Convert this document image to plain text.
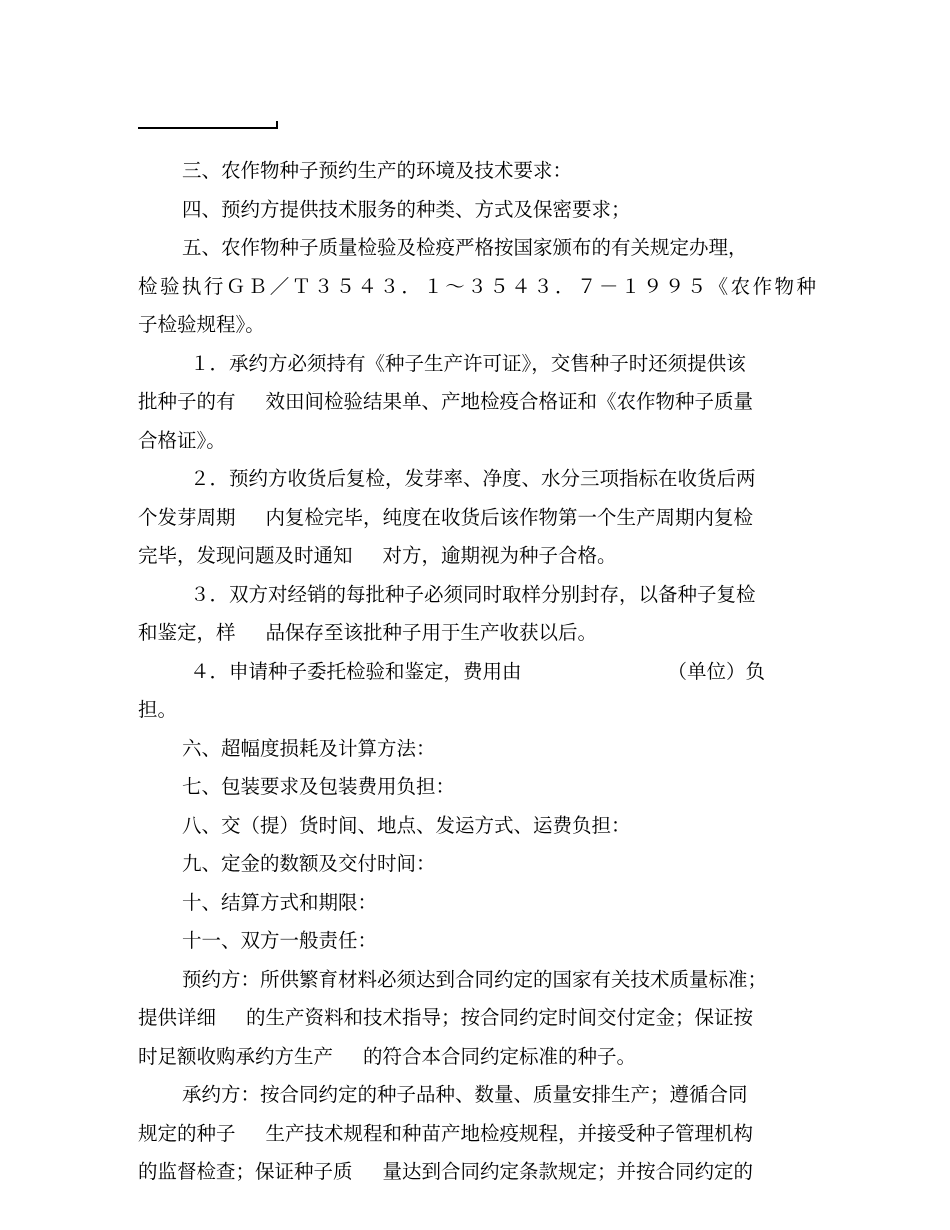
三、农作物种子预约生产的环境及技术要求：
四、预约方提供技术服务的种类、方式及保密要求；
五、农作物种子质量检验及检疫严格按国家颁布的有关规定办理，
检验执行ＧＢ／Ｔ３５４３．１～３５４３．７－１９９５《农作物种
子检验规程》。
１．承约方必须持有《种子生产许可证》，交售种子时还须提供该
批种子的有 效田间检验结果单、产地检疫合格证和《农作物种子质量
合格证》。
２．预约方收货后复检，发芽率、净度、水分三项指标在收货后两
个发芽周期 内复检完毕，纯度在收货后该作物第一个生产周期内复检
完毕，发现问题及时通知 对方，逾期视为种子合格。
３．双方对经销的每批种子必须同时取样分别封存，以备种子复检
和鉴定，样 品保存至该批种子用于生产收获以后。
４．申请种子委托检验和鉴定，费用由	（单位）负
担。
六、超幅度损耗及计算方法：
七、包装要求及包装费用负担：
八、交（提）货时间、地点、发运方式、运费负担：
九、定金的数额及交付时间：
十、结算方式和期限：
十一、双方一般责任：
预约方：所供繁育材料必须达到合同约定的国家有关技术质量标准；
提供详细 的生产资料和技术指导；按合同约定时间交付定金；保证按
时足额收购承约方生产 的符合本合同约定标准的种子。
承约方：按合同约定的种子品种、数量、质量安排生产；遵循合同
规定的种子 生产技术规程和种苗产地检疫规程，并接受种子管理机构
的监督检查；保证种子质 量达到合同约定条款规定；并按合同约定的
